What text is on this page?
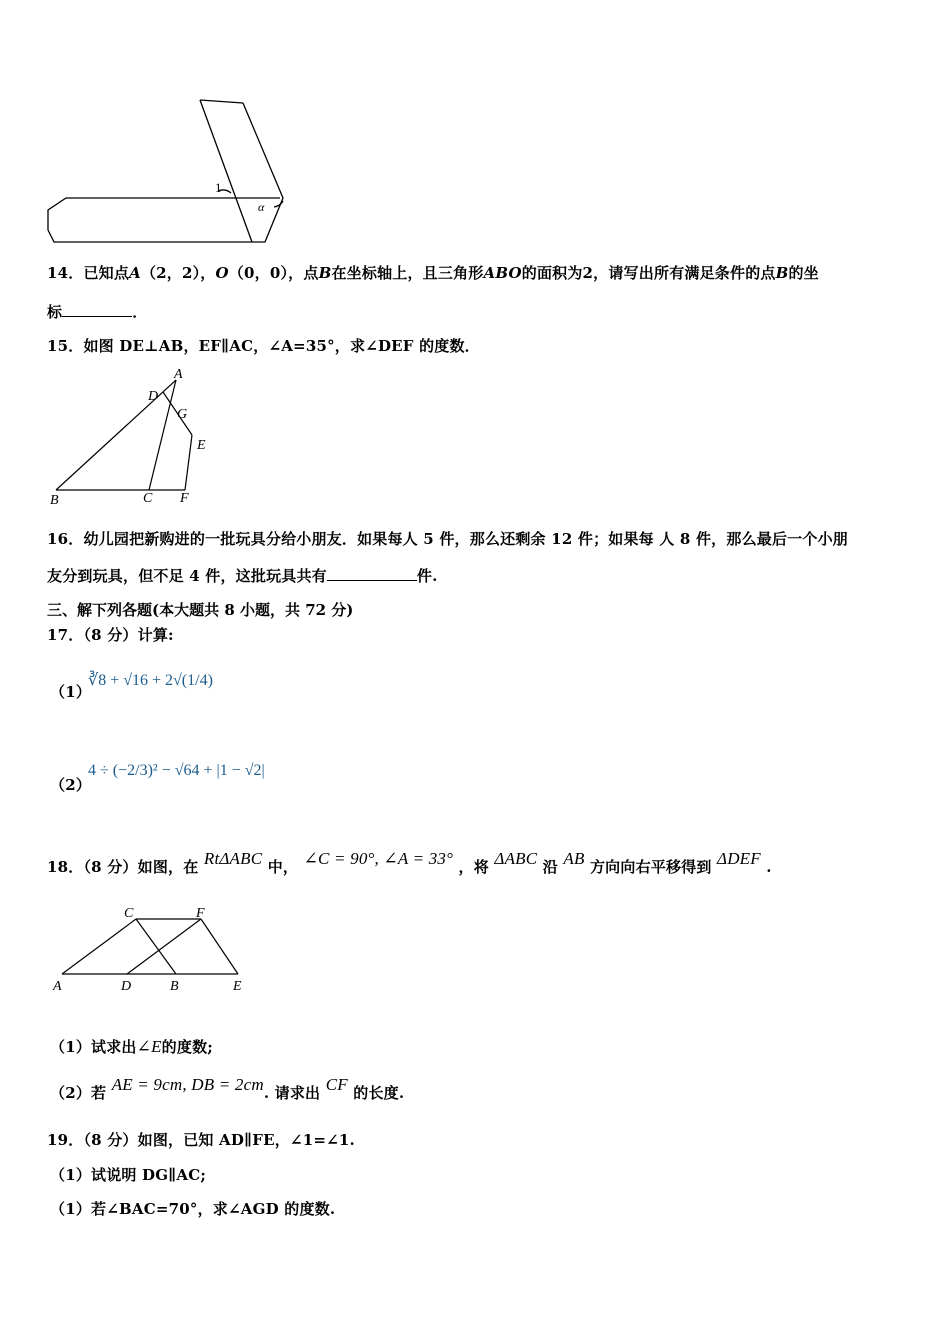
1
α
14．已知点A（2，2），O（0，0），点B在坐标轴上，且三角形ABO的面积为2，请写出所有满足条件的点B的坐
标	．
15．如图 DE⊥AB，EF∥AC，∠A=35°，求∠DEF 的度数．
A
D
G
E
B	C F
16．幼儿园把新购进的一批玩具分给小朋友．如果每人 5 件，那么还剩余 12 件；如果每 人 8 件，那么最后一个小朋
友分到玩具，但不足 4 件，这批玩具共有	件.
三、解下列各题(本大题共 8 小题，共 72 分)
17．（8 分）计算:
（1）
∛8 + √16 + 2√(1/4)
（2）
4 ÷ (−2/3)² − √64 + |1 − √2|
18．（8 分）如图，在 RtΔABC 中， ∠C = 90°, ∠A = 33° ，将 ΔABC 沿 AB 方向向右平移得到 ΔDEF .
C	F
A	D	B	E
（1）试求出∠E的度数;
（2）若 AE = 9cm, DB = 2cm. 请求出 CF 的长度.
19．（8 分）如图，已知 AD∥FE，∠1=∠1.
（1）试说明 DG∥AC;
（1）若∠BAC=70°，求∠AGD 的度数.
